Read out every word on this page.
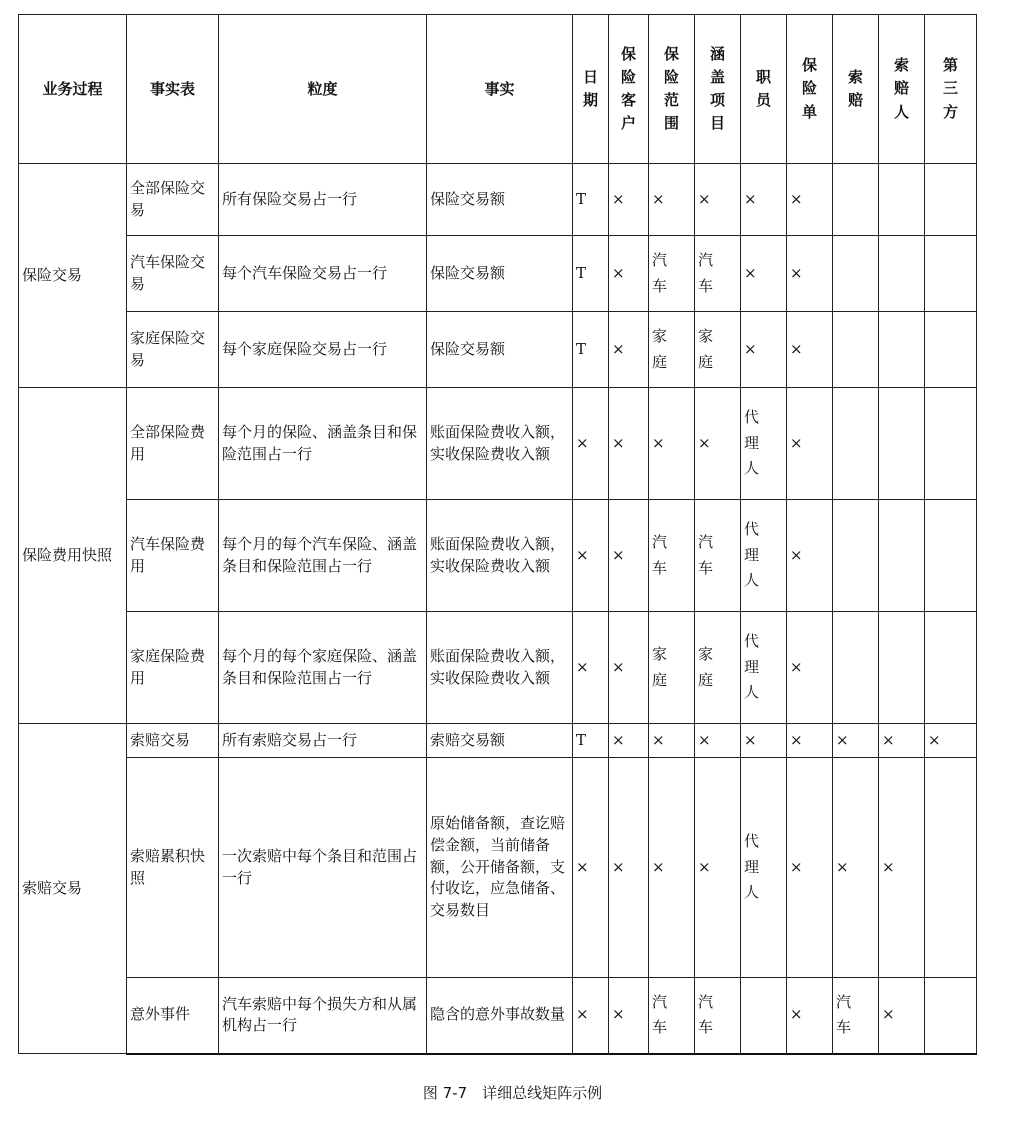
业务过程	事实表	粒度	事实	日期	保险客户	保险范围	涵盖项目	职员	保险单	索赔	索赔人	第三方

保险交易	全部保险交易	所有保险交易占一行	保险交易额	T	×	×	×	×	×			
	汽车保险交易	每个汽车保险交易占一行	保险交易额	T	×	汽车	汽车	×	×			
	家庭保险交易	每个家庭保险交易占一行	保险交易额	T	×	家庭	家庭	×	×			
保险费用快照	全部保险费用	每个月的保险、涵盖条目和保险范围占一行	账面保险费收入额，实收保险费收入额	×	×	×	×	代理人	×			
	汽车保险费用	每个月的每个汽车保险、涵盖条目和保险范围占一行	账面保险费收入额，实收保险费收入额	×	×	汽车	汽车	代理人	×			
	家庭保险费用	每个月的每个家庭保险、涵盖条目和保险范围占一行	账面保险费收入额，实收保险费收入额	×	×	家庭	家庭	代理人	×			
索赔交易	索赔交易	所有索赔交易占一行	索赔交易额	T	×	×	×	×	×	×	×	×
	索赔累积快照	一次索赔中每个条目和范围占一行	原始储备额，查讫赔偿金额，当前储备额，公开储备额，支付收讫，应急储备、交易数目	×	×	×	×	代理人	×	×	×	
	意外事件	汽车索赔中每个损失方和从属机构占一行	隐含的意外事故数量	×	×	汽车	汽车		×	汽车	×	
图 7-7　详细总线矩阵示例
